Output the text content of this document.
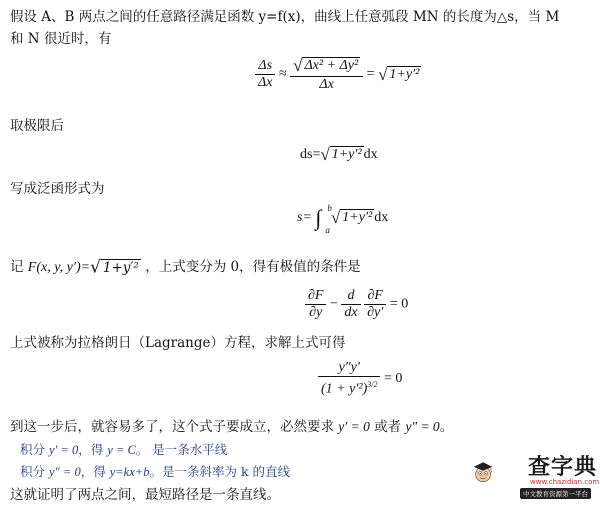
假设 A、B 两点之间的任意路径满足函数 y=f(x)，曲线上任意弧段 MN 的长度为△s，当 M
和 N 很近时，有
$\frac{\Delta s}{\Delta x} \approx \frac{\text{√ Δx² + Δy²}}{\Delta x}$ = √ 1+y′²
取极限后
ds=√ 1+y′² dx
写成泛函形式为
s= ∫ b
a
√ 1+y′² dx
记 F(x, y, y′)=√ 1+y′² ，上式变分为 0，得有极值的条件是
$\frac{\partial F}{\partial y} - \frac{d}{dx}$
$\frac{\partial F}{\partial y'} = 0$
上式被称为拉格朗日（Lagrange）方程，求解上式可得
$\frac{y''y'}{(1 + y'^2)^{3/2}} = 0$
到这一步后，就容易多了，这个式子要成立，必然要求 y′ = 0 或者 y″ = 0。
积分 y′ = 0，得 y = C。 是一条水平线
积分 y″ = 0，得 y=kx+b。是一条斜率为 k 的直线
这就证明了两点之间，最短路径是一条直线。
查字典
www.chazidian.com
中文教育资源第一平台
